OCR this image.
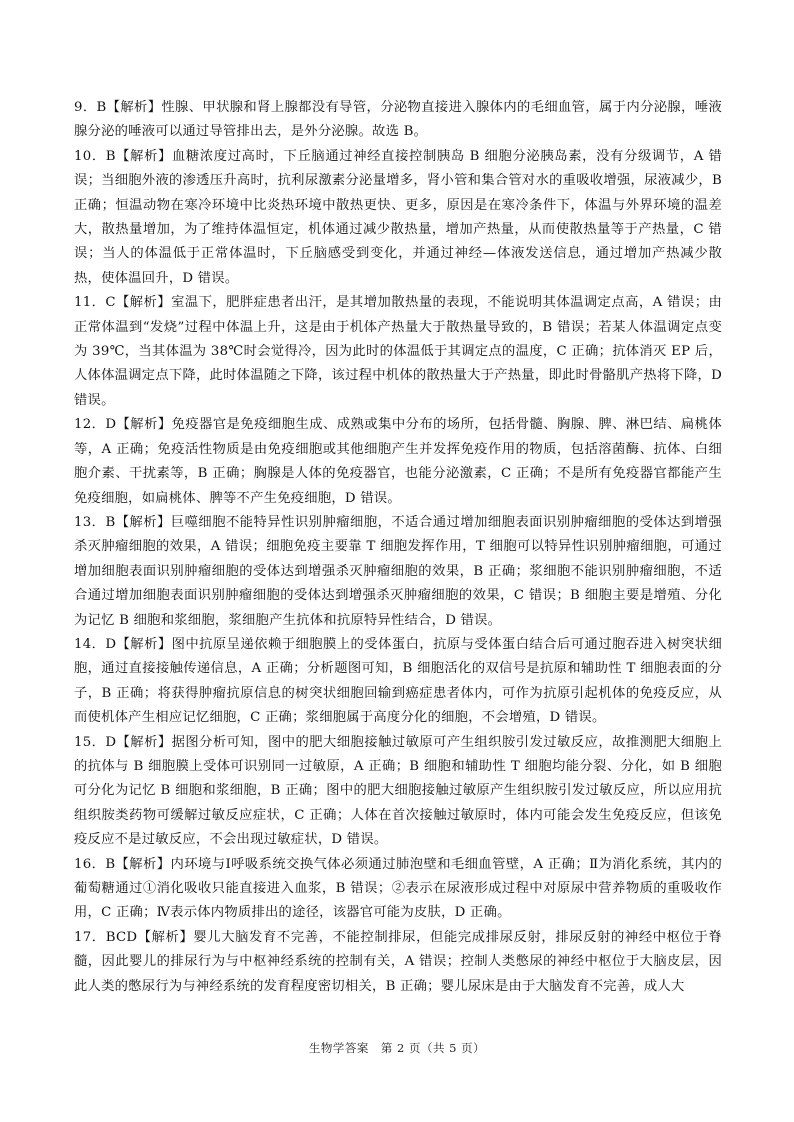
9．B【解析】性腺、甲状腺和肾上腺都没有导管，分泌物直接进入腺体内的毛细血管，属于内分泌腺，唾液腺分泌的唾液可以通过导管排出去，是外分泌腺。故选 B。

10．B【解析】血糖浓度过高时，下丘脑通过神经直接控制胰岛 B 细胞分泌胰岛素，没有分级调节，A 错误；当细胞外液的渗透压升高时，抗利尿激素分泌量增多，肾小管和集合管对水的重吸收增强，尿液减少，B 正确；恒温动物在寒冷环境中比炎热环境中散热更快、更多，原因是在寒冷条件下，体温与外界环境的温差大，散热量增加，为了维持体温恒定，机体通过减少散热量，增加产热量，从而使散热量等于产热量，C 错误；当人的体温低于正常体温时，下丘脑感受到变化，并通过神经—体液发送信息，通过增加产热减少散热，使体温回升，D 错误。

11．C【解析】室温下，肥胖症患者出汗，是其增加散热量的表现，不能说明其体温调定点高，A 错误；由正常体温到“发烧”过程中体温上升，这是由于机体产热量大于散热量导致的，B 错误；若某人体温调定点变为 39℃，当其体温为 38℃时会觉得冷，因为此时的体温低于其调定点的温度，C 正确；抗体消灭 EP 后，人体体温调定点下降，此时体温随之下降，该过程中机体的散热量大于产热量，即此时骨骼肌产热将下降，D 错误。

12．D【解析】免疫器官是免疫细胞生成、成熟或集中分布的场所，包括骨髓、胸腺、脾、淋巴结、扁桃体等，A 正确；免疫活性物质是由免疫细胞或其他细胞产生并发挥免疫作用的物质，包括溶菌酶、抗体、白细胞介素、干扰素等，B 正确；胸腺是人体的免疫器官，也能分泌激素，C 正确；不是所有免疫器官都能产生免疫细胞，如扁桃体、脾等不产生免疫细胞，D 错误。

13．B【解析】巨噬细胞不能特异性识别肿瘤细胞，不适合通过增加细胞表面识别肿瘤细胞的受体达到增强杀灭肿瘤细胞的效果，A 错误；细胞免疫主要靠 T 细胞发挥作用，T 细胞可以特异性识别肿瘤细胞，可通过增加细胞表面识别肿瘤细胞的受体达到增强杀灭肿瘤细胞的效果，B 正确；浆细胞不能识别肿瘤细胞，不适合通过增加细胞表面识别肿瘤细胞的受体达到增强杀灭肿瘤细胞的效果，C 错误；B 细胞主要是增殖、分化为记忆 B 细胞和浆细胞，浆细胞产生抗体和抗原特异性结合，D 错误。

14．D【解析】图中抗原呈递依赖于细胞膜上的受体蛋白，抗原与受体蛋白结合后可通过胞吞进入树突状细胞，通过直接接触传递信息，A 正确；分析题图可知，B 细胞活化的双信号是抗原和辅助性 T 细胞表面的分子，B 正确；将获得肿瘤抗原信息的树突状细胞回输到癌症患者体内，可作为抗原引起机体的免疫反应，从而使机体产生相应记忆细胞，C 正确；浆细胞属于高度分化的细胞，不会增殖，D 错误。

15．D【解析】据图分析可知，图中的肥大细胞接触过敏原可产生组织胺引发过敏反应，故推测肥大细胞上的抗体与 B 细胞膜上受体可识别同一过敏原，A 正确；B 细胞和辅助性 T 细胞均能分裂、分化，如 B 细胞可分化为记忆 B 细胞和浆细胞，B 正确；图中的肥大细胞接触过敏原产生组织胺引发过敏反应，所以应用抗组织胺类药物可缓解过敏反应症状，C 正确；人体在首次接触过敏原时，体内可能会发生免疫反应，但该免疫反应不是过敏反应，不会出现过敏症状，D 错误。

16．B【解析】内环境与Ⅰ呼吸系统交换气体必须通过肺泡壁和毛细血管壁，A 正确；Ⅱ为消化系统，其内的葡萄糖通过①消化吸收只能直接进入血浆，B 错误；②表示在尿液形成过程中对原尿中营养物质的重吸收作用，C 正确；Ⅳ表示体内物质排出的途径，该器官可能为皮肤，D 正确。

17．BCD【解析】婴儿大脑发育不完善，不能控制排尿，但能完成排尿反射，排尿反射的神经中枢位于脊髓，因此婴儿的排尿行为与中枢神经系统的控制有关，A 错误；控制人类憋尿的神经中枢位于大脑皮层，因此人类的憋尿行为与神经系统的发育程度密切相关，B 正确；婴儿尿床是由于大脑发育不完善，成人大

生物学答案　第 2 页（共 5 页）
